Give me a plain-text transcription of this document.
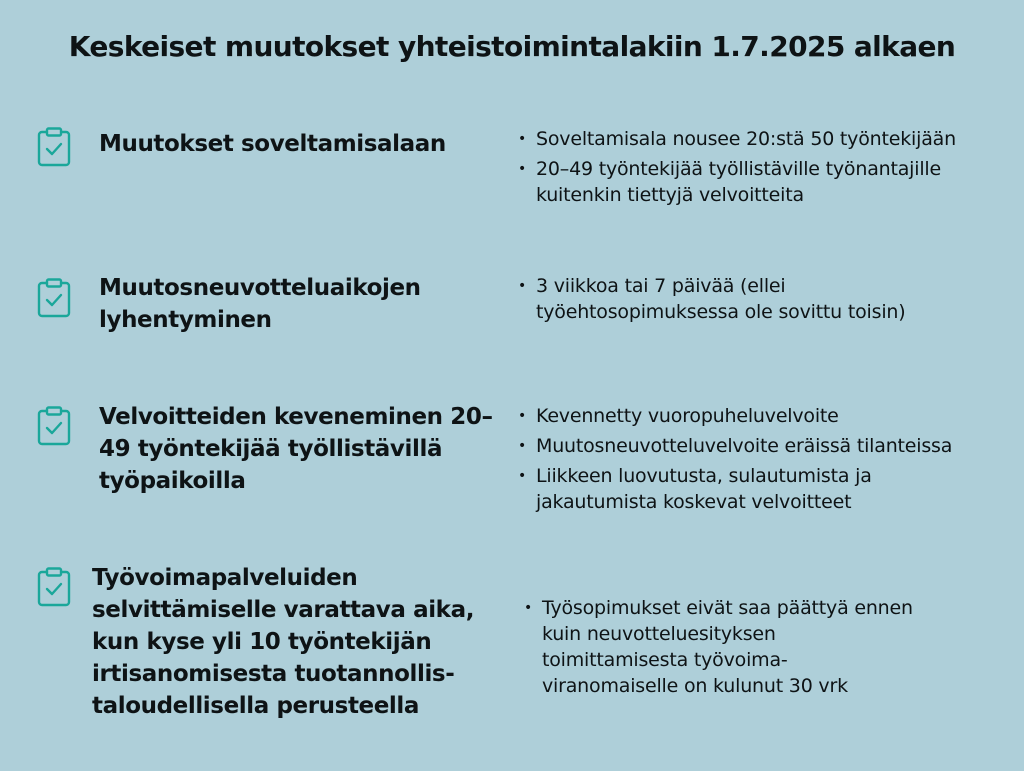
Keskeiset muutokset yhteistoimintalakiin 1.7.2025 alkaen
Muutokset soveltamisalaan
•	Soveltamisala nousee 20:stä 50 työntekijään
• 20–49 työntekijää työllistäville työnantajille kuitenkin tiettyjä velvoitteita
Muutosneuvotteluaikojen lyhentyminen
• 3 viikkoa tai 7 päivää (ellei työehtosopimuksessa ole sovittu toisin)
Velvoitteiden keveneminen 20–49 työntekijää työllistävillä työpaikoilla
• Kevennetty vuoropuheluvelvoite
• Muutosneuvotteluvelvoite eräissä tilanteissa
• Liikkeen luovutusta, sulautumista ja jakautumista koskevat velvoitteet
Työvoimapalveluiden selvittämiselle varattava aika, kun kyse yli 10 työntekijän irtisanomisesta tuotannollis-taloudellisella perusteella
• Työsopimukset eivät saa päättyä ennen kuin neuvotteluesityksen toimittamisesta työvoima-viranomaiselle on kulunut 30 vrk
